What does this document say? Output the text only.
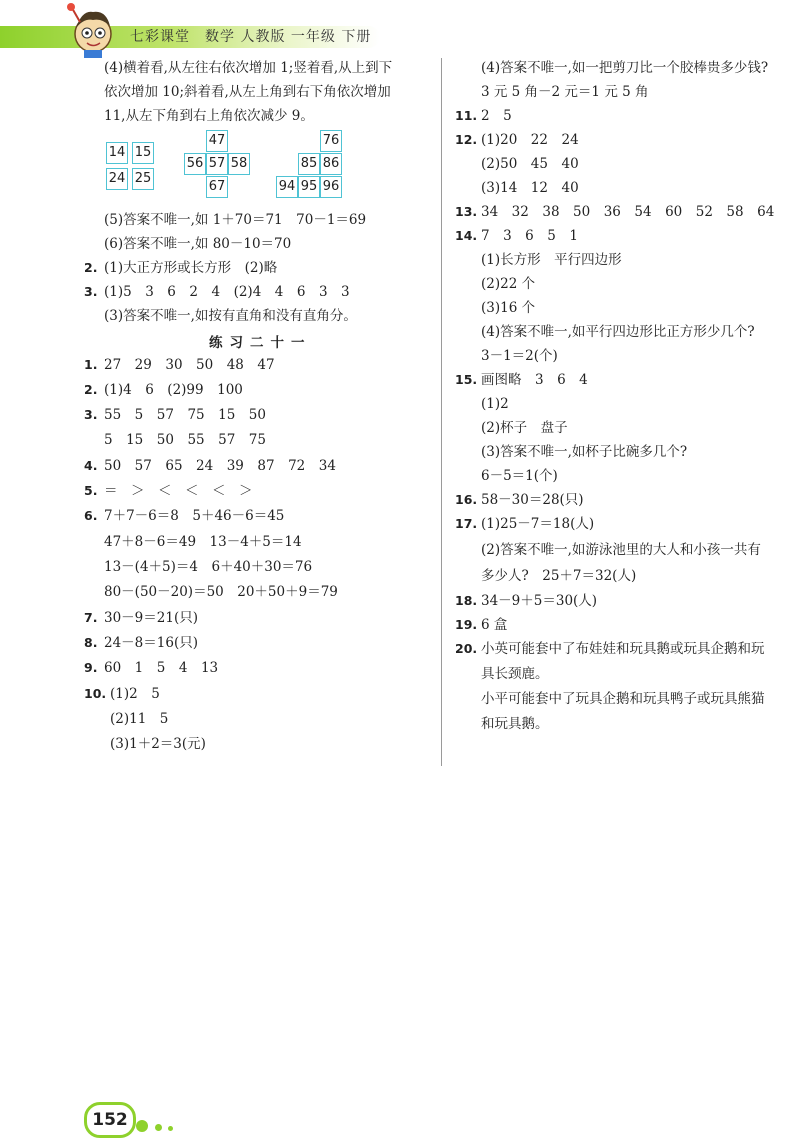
七彩课堂　数学 人教版 一年级 下册
(4)横着看,从左往右依次增加 1;竖着看,从上到下
依次增加 10;斜着看,从左上角到右下角依次增加
11,从左下角到右上角依次减少 9。
14 15
24 25
47
56 57 58
67
76
85 86
94 95 96
(5)答案不唯一,如 1＋70＝71　70－1＝69
(6)答案不唯一,如 80－10＝70
2. (1)大正方形或长方形　(2)略
3. (1)5　3　6　2　4　(2)4　4　6　3　3
(3)答案不唯一,如按有直角和没有直角分。
练习二十一
1. 27　29　30　50　48　47
2. (1)4　6　(2)99　100
3. 55　5　57　75　15　50
5　15　50　55　57　75
4. 50　57　65　24　39　87　72　34
5. ＝　＞　＜　＜　＜　＞
6. 7＋7－6＝8　5＋46－6＝45
47＋8－6＝49　13－4＋5＝14
13－(4＋5)＝4　6＋40＋30＝76
80－(50－20)＝50　20＋50＋9＝79
7. 30－9＝21(只)
8. 24－8＝16(只)
9. 60　1　5　4　13
10. (1)2　5
(2)11　5
(3)1＋2＝3(元)
(4)答案不唯一,如一把剪刀比一个胶棒贵多少钱?
3 元 5 角－2 元＝1 元 5 角
11. 2　5
12. (1)20　22　24
(2)50　45　40
(3)14　12　40
13. 34　32　38　50　36　54　60　52　58　64
14. 7　3　6　5　1
(1)长方形　平行四边形
(2)22 个
(3)16 个
(4)答案不唯一,如平行四边形比正方形少几个?
3－1＝2(个)
15. 画图略　3　6　4
(1)2
(2)杯子　盘子
(3)答案不唯一,如杯子比碗多几个?
6－5＝1(个)
16. 58－30＝28(只)
17. (1)25－7＝18(人)
(2)答案不唯一,如游泳池里的大人和小孩一共有
多少人?　25＋7＝32(人)
18. 34－9＋5＝30(人)
19. 6 盒
20. 小英可能套中了布娃娃和玩具鹅或玩具企鹅和玩
具长颈鹿。
小平可能套中了玩具企鹅和玩具鸭子或玩具熊猫
和玩具鹅。
152
